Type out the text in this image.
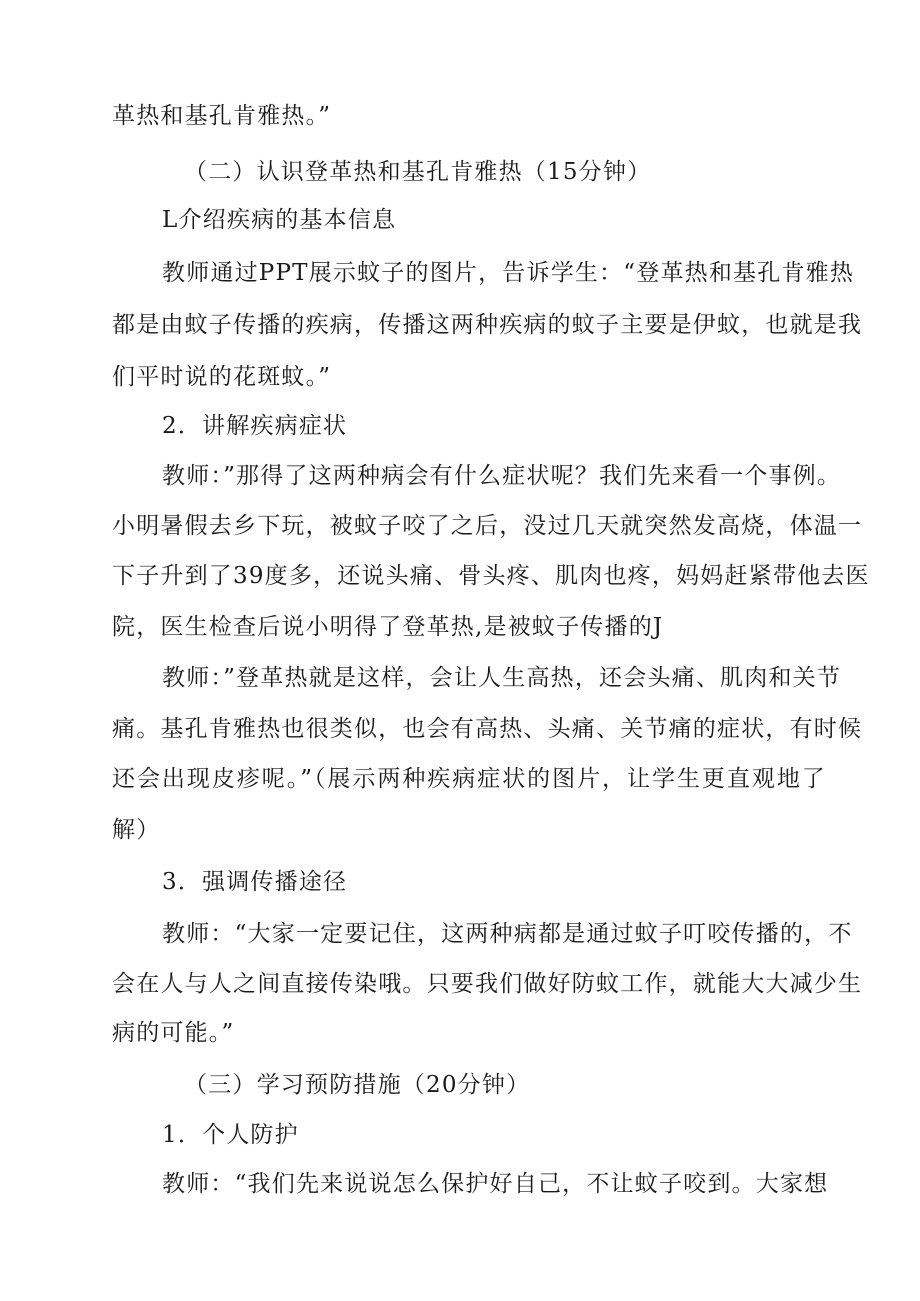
革热和基孔肯雅热。”
（二）认识登革热和基孔肯雅热（15分钟）
L介绍疾病的基本信息
教师通过PPT展示蚊子的图片，告诉学生：“登革热和基孔肯雅热
都是由蚊子传播的疾病，传播这两种疾病的蚊子主要是伊蚊，也就是我
们平时说的花斑蚊。”
2．讲解疾病症状
教师：”那得了这两种病会有什么症状呢？我们先来看一个事例。
小明暑假去乡下玩，被蚊子咬了之后，没过几天就突然发高烧，体温一
下子升到了39度多，还说头痛、骨头疼、肌肉也疼，妈妈赶紧带他去医
院，医生检查后说小明得了登革热,是被蚊子传播的J
教师：”登革热就是这样，会让人生高热，还会头痛、肌肉和关节
痛。基孔肯雅热也很类似，也会有高热、头痛、关节痛的症状，有时候
还会出现皮疹呢。”（展示两种疾病症状的图片，让学生更直观地了
解）
3．强调传播途径
教师：“大家一定要记住，这两种病都是通过蚊子叮咬传播的，不
会在人与人之间直接传染哦。只要我们做好防蚊工作，就能大大减少生
病的可能。”
（三）学习预防措施（20分钟）
1．个人防护
教师：“我们先来说说怎么保护好自己，不让蚊子咬到。大家想
